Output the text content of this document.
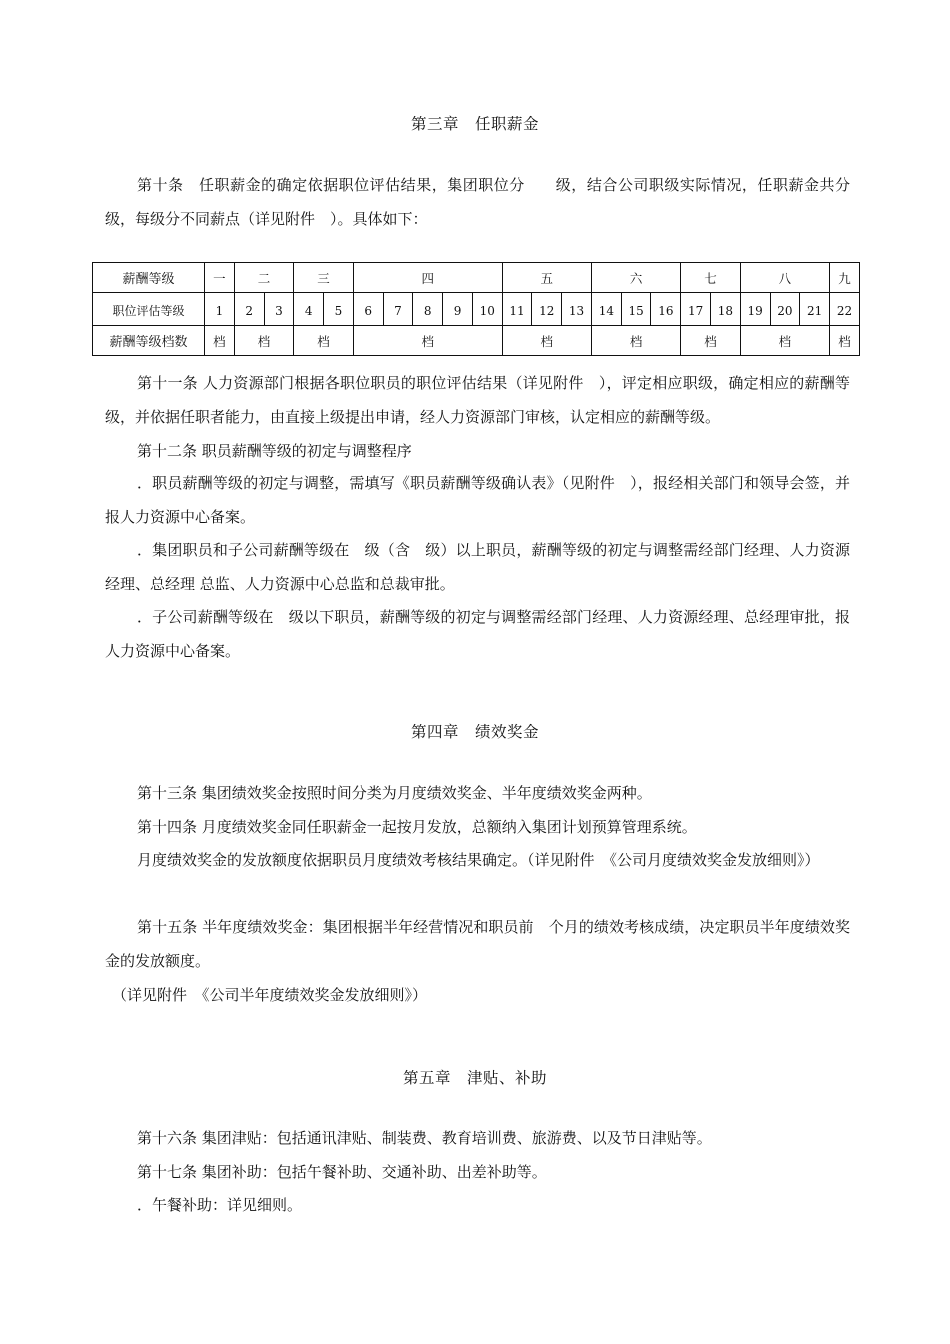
第三章　任职薪金
第十条　任职薪金的确定依据职位评估结果，集团职位分　　级，结合公司职级实际情况，任职薪金共分　级，每级分不同薪点（详见附件　）。具体如下：
薪酬等级	一	二		三		四					五			六			七		八			九
职位评估等级	1	2	3	4	5	6	7	8	9	10	11	12	13	14	15	16	17	18	19	20	21	22
薪酬等级档数	档	档		档		档					档			档			档		档			档
第十一条 人力资源部门根据各职位职员的职位评估结果（详见附件　），评定相应职级，确定相应的薪酬等级，并依据任职者能力，由直接上级提出申请，经人力资源部门审核，认定相应的薪酬等级。
第十二条 职员薪酬等级的初定与调整程序
．职员薪酬等级的初定与调整，需填写《职员薪酬等级确认表》（见附件　），报经相关部门和领导会签，并报人力资源中心备案。
．集团职员和子公司薪酬等级在　级（含　级）以上职员，薪酬等级的初定与调整需经部门经理、人力资源经理、总经理 总监、人力资源中心总监和总裁审批。
．子公司薪酬等级在　级以下职员，薪酬等级的初定与调整需经部门经理、人力资源经理、总经理审批，报人力资源中心备案。
第四章　绩效奖金
第十三条 集团绩效奖金按照时间分类为月度绩效奖金、半年度绩效奖金两种。
第十四条 月度绩效奖金同任职薪金一起按月发放，总额纳入集团计划预算管理系统。
月度绩效奖金的发放额度依据职员月度绩效考核结果确定。（详见附件　《公司月度绩效奖金发放细则》）
第十五条 半年度绩效奖金：集团根据半年经营情况和职员前　个月的绩效考核成绩，决定职员半年度绩效奖金的发放额度。
（详见附件　《公司半年度绩效奖金发放细则》）
第五章　津贴、补助
第十六条 集团津贴：包括通讯津贴、制装费、教育培训费、旅游费、以及节日津贴等。
第十七条 集团补助：包括午餐补助、交通补助、出差补助等。
．午餐补助：详见细则。
